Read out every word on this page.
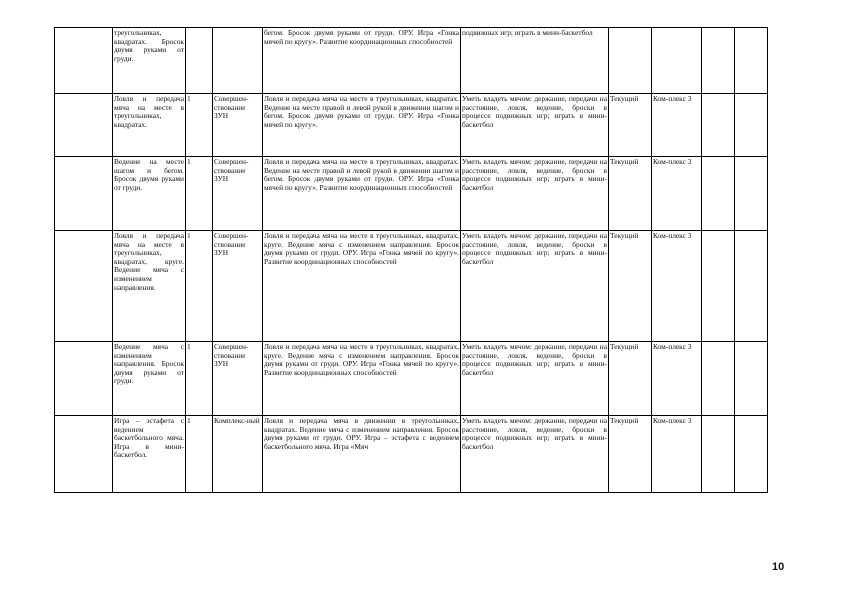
	треугольниках, квадратах. Бросок двумя руками от груди.			бегом. Бросок двумя руками от груди. ОРУ. Игра «Гонка мячей по кругу». Развитие координационных способностей	подвижных игр; играть в мини-баскетбол				
	Ловля и передача мяча на месте в треугольниках, квадратах.	1	Совершен-ствование ЗУН	Ловля и передача мяча на месте в треугольниках, квадратах. Ведение на месте правой и левой рукой в движении шагом и бегом. Бросок двумя руками от груди. ОРУ. Игра «Гонка мячей по кругу».	Уметь владеть мячом: держание, передачи на расстояние, ловля, ведение, броски в процессе подвижных игр; играть в мини-баскетбол	Текущий	Ком-плекс 3		
	Ведение на месте шагом и бегом. Бросок двумя руками от груди.	1	Совершен-ствование ЗУН	Ловля и передача мяча на месте в треугольниках, квадратах. Ведение на месте правой и левой рукой в движении шагом и бегом. Бросок двумя руками от груди. ОРУ. Игра «Гонка мячей по кругу». Развитие координационных способностей	Уметь владеть мячом: держание, передачи на расстояние, ловля, ведение, броски в процессе подвижных игр; играть в мини-баскетбол	Текущий	Ком-плекс 3		
	Ловля и передача мяча на месте в треугольниках, квадратах, круге. Ведение мяча с изменением направления.	1	Совершен-ствование ЗУН	Ловля и передача мяча на месте в треугольниках, квадратах, круге. Ведение мяча с изменением направления. Бросок двумя руками от груди. ОРУ. Игра «Гонка мячей по кругу». Развитие координационных способностей	Уметь владеть мячом: держание, передачи на расстояние, ловля, ведение, броски в процессе подвижных игр; играть в мини-баскетбол	Текущий	Ком-плекс 3		
	Ведение мяча с изменением направления. Бросок двумя руками от груди.	1	Совершен-ствование ЗУН	Ловля и передача мяча на месте в треугольниках, квадратах, круге. Ведение мяча с изменением направления. Бросок двумя руками от груди. ОРУ. Игра «Гонка мячей по кругу». Развитие координационных способностей	Уметь владеть мячом: держание, передачи на расстояние, ловля, ведение, броски в процессе подвижных игр; играть в мини-баскетбол	Текущий	Ком-плекс 3		
	Игра – эстафета с ведением баскетбольного мяча. Игра в мини-баскетбол.	1	Комплекс-ный	Ловля и передача мяча в движении в треугольниках, квадратах. Ведение мяча с изменением направления. Бросок двумя руками от груди. ОРУ. Игра – эстафета с ведением баскетбольного мяча. Игра «Мяч	Уметь владеть мячом: держание, передачи на расстояние, ловля, ведение, броски в процессе подвижных игр; играть в мини-баскетбол	Текущий	Ком-плекс 3		
10
